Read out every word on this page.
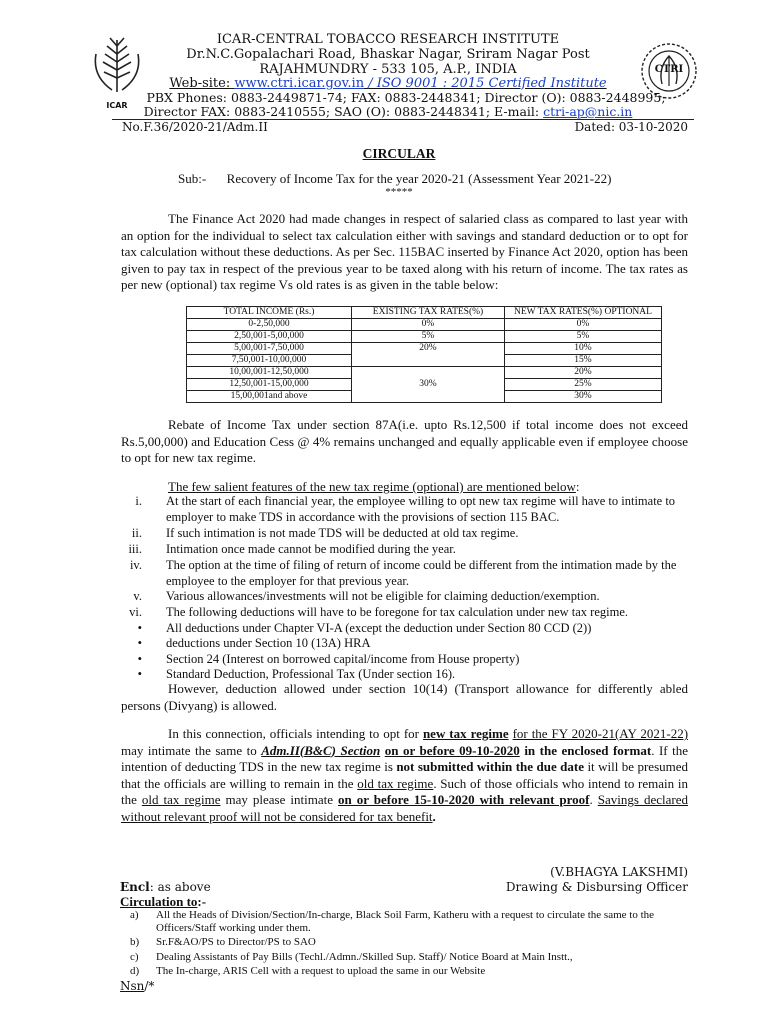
ICAR
CTRI
ICAR-CENTRAL TOBACCO RESEARCH INSTITUTE
Dr.N.C.Gopalachari Road, Bhaskar Nagar, Sriram Nagar Post
RAJAHMUNDRY - 533 105, A.P., INDIA
Web-site: www.ctri.icar.gov.in / ISO 9001 : 2015 Certified Institute
PBX Phones: 0883-2449871-74; FAX: 0883-2448341; Director (O): 0883-2448995;
Director FAX: 0883-2410555; SAO (O): 0883-2448341; E-mail: ctri-ap@nic.in
No.F.36/2020-21/Adm.II	Dated: 03-10-2020
CIRCULAR
Sub:- Recovery of Income Tax for the year 2020-21 (Assessment Year 2021-22)
*****
The Finance Act 2020 had made changes in respect of salaried class as compared to last year with an option for the individual to select tax calculation either with savings and standard deduction or to opt for tax calculation without these deductions. As per Sec. 115BAC inserted by Finance Act 2020, option has been given to pay tax in respect of the previous year to be taxed along with his return of income. The tax rates as per new (optional) tax regime Vs old rates is as given in the table below:
TOTAL INCOME (Rs.)	EXISTING TAX RATES(%)	NEW TAX RATES(%) OPTIONAL
0-2,50,000	0%	0%
2,50,001-5,00,000	5%	5%
5,00,001-7,50,000	20%	10%
7,50,001-10,00,000		15%
10,00,001-12,50,000	30%	20%
12,50,001-15,00,000		25%
15,00,001and above		30%
Rebate of Income Tax under section 87A(i.e. upto Rs.12,500 if total income does not exceed Rs.5,00,000) and Education Cess @ 4% remains unchanged and equally applicable even if employee choose to opt for new tax regime.
The few salient features of the new tax regime (optional) are mentioned below:
i. At the start of each financial year, the employee willing to opt new tax regime will have to intimate to employer to make TDS in accordance with the provisions of section 115 BAC.
ii. If such intimation is not made TDS will be deducted at old tax regime.
iii. Intimation once made cannot be modified during the year.
iv. The option at the time of filing of return of income could be different from the intimation made by the employee to the employer for that previous year.
v. Various allowances/investments will not be eligible for claiming deduction/exemption.
vi. The following deductions will have to be foregone for tax calculation under new tax regime.
• All deductions under Chapter VI-A (except the deduction under Section 80 CCD (2))
• deductions under Section 10 (13A) HRA
• Section 24 (Interest on borrowed capital/income from House property)
• Standard Deduction, Professional Tax (Under section 16).
However, deduction allowed under section 10(14) (Transport allowance for differently abled persons (Divyang) is allowed.
In this connection, officials intending to opt for new tax regime for the FY 2020-21(AY 2021-22) may intimate the same to Adm.II(B&C) Section on or before 09-10-2020 in the enclosed format. If the intention of deducting TDS in the new tax regime is not submitted within the due date it will be presumed that the officials are willing to remain in the old tax regime. Such of those officials who intend to remain in the old tax regime may please intimate on or before 15-10-2020 with relevant proof. Savings declared without relevant proof will not be considered for tax benefit.
(V.BHAGYA LAKSHMI)
Drawing & Disbursing Officer
Encl: as above
Circulation to:-
a) All the Heads of Division/Section/In-charge, Black Soil Farm, Katheru with a request to circulate the same to the Officers/Staff working under them.
b) Sr.F&AO/PS to Director/PS to SAO
c) Dealing Assistants of Pay Bills (Techl./Admn./Skilled Sup. Staff)/ Notice Board at Main Instt.,
d) The In-charge, ARIS Cell with a request to upload the same in our Website
Nsn/*
